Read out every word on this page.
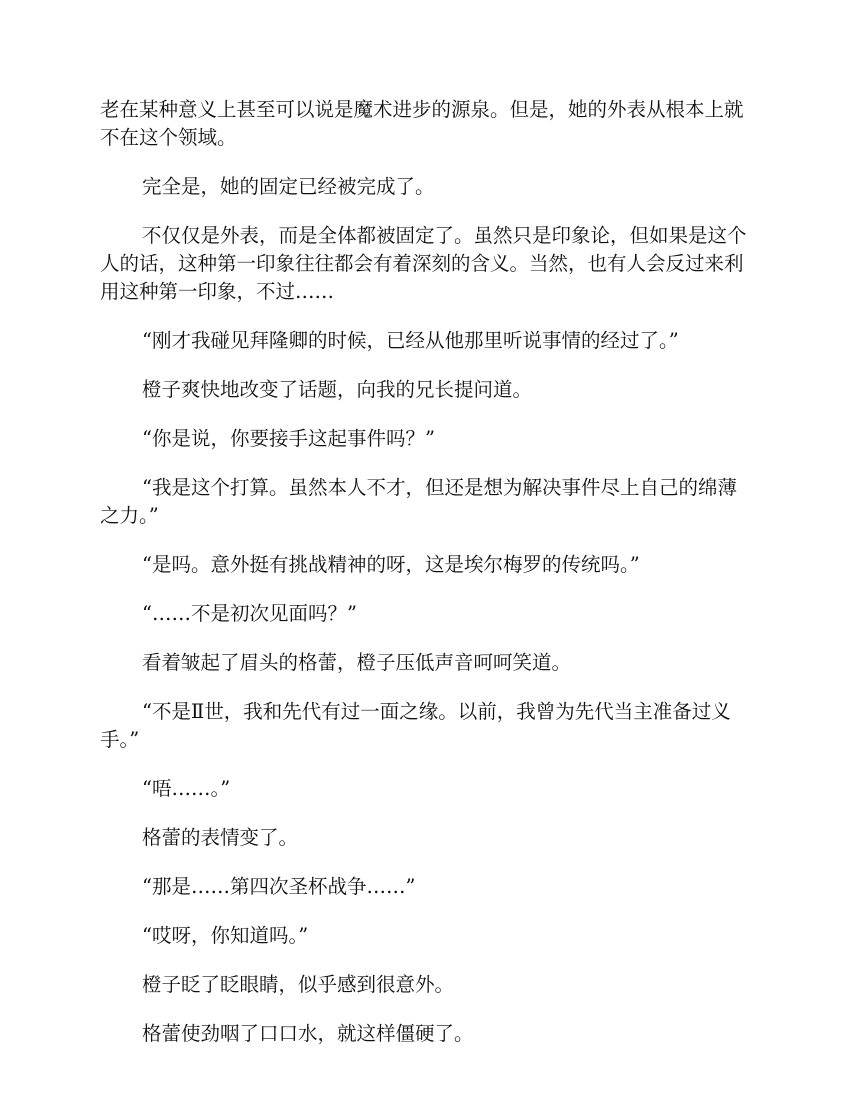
老在某种意义上甚至可以说是魔术进步的源泉。但是，她的外表从根本上就不在这个领域。

完全是，她的固定已经被完成了。

不仅仅是外表，而是全体都被固定了。虽然只是印象论，但如果是这个人的话，这种第一印象往往都会有着深刻的含义。当然，也有人会反过来利用这种第一印象，不过……

“刚才我碰见拜隆卿的时候，已经从他那里听说事情的经过了。”

橙子爽快地改变了话题，向我的兄长提问道。

“你是说，你要接手这起事件吗？”

“我是这个打算。虽然本人不才，但还是想为解决事件尽上自己的绵薄之力。”

“是吗。意外挺有挑战精神的呀，这是埃尔梅罗的传统吗。”

“……不是初次见面吗？”

看着皱起了眉头的格蕾，橙子压低声音呵呵笑道。

“不是Ⅱ世，我和先代有过一面之缘。以前，我曾为先代当主准备过义手。”

“唔……。”

格蕾的表情变了。

“那是……第四次圣杯战争……”

“哎呀，你知道吗。”

橙子眨了眨眼睛，似乎感到很意外。

格蕾使劲咽了口口水，就这样僵硬了。
